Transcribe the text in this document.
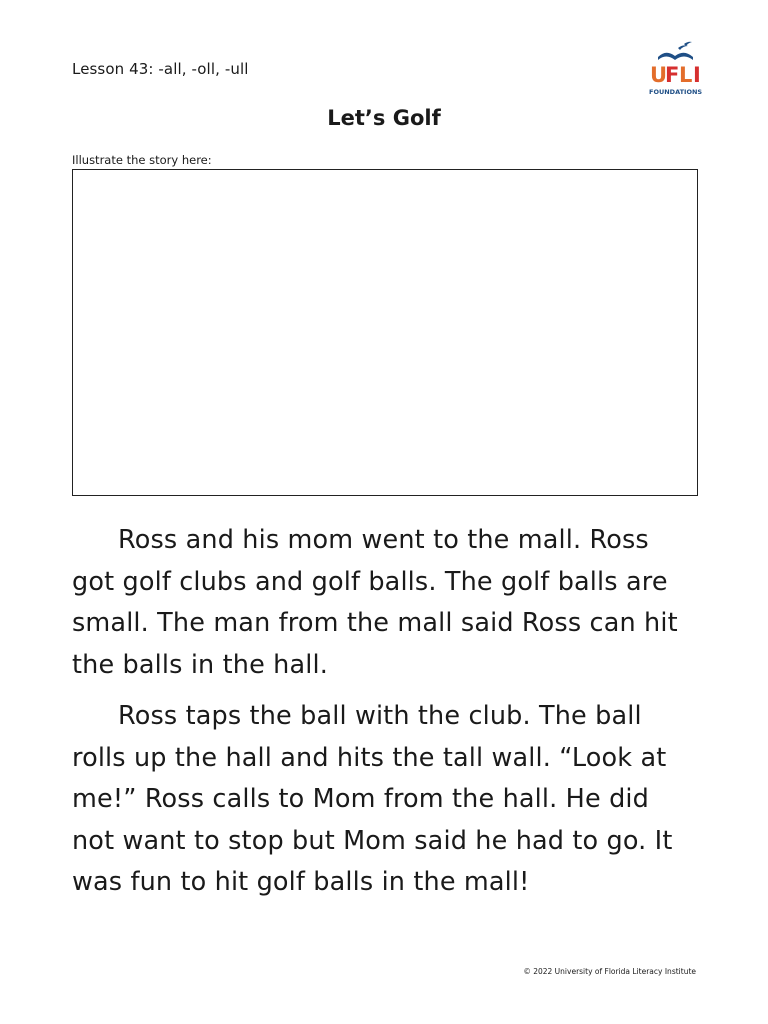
Lesson 43: -all, -oll, -ull	U
F L I
FOUNDATIONS
Let’s Golf
Illustrate the story here:

Ross and his mom went to the mall. Ross got golf clubs and golf balls. The golf balls are small. The man from the mall said Ross can hit the balls in the hall.

Ross taps the ball with the club. The ball rolls up the hall and hits the tall wall. “Look at me!” Ross calls to Mom from the hall. He did not want to stop but Mom said he had to go. It was fun to hit golf balls in the mall!

© 2022 University of Florida Literacy Institute
